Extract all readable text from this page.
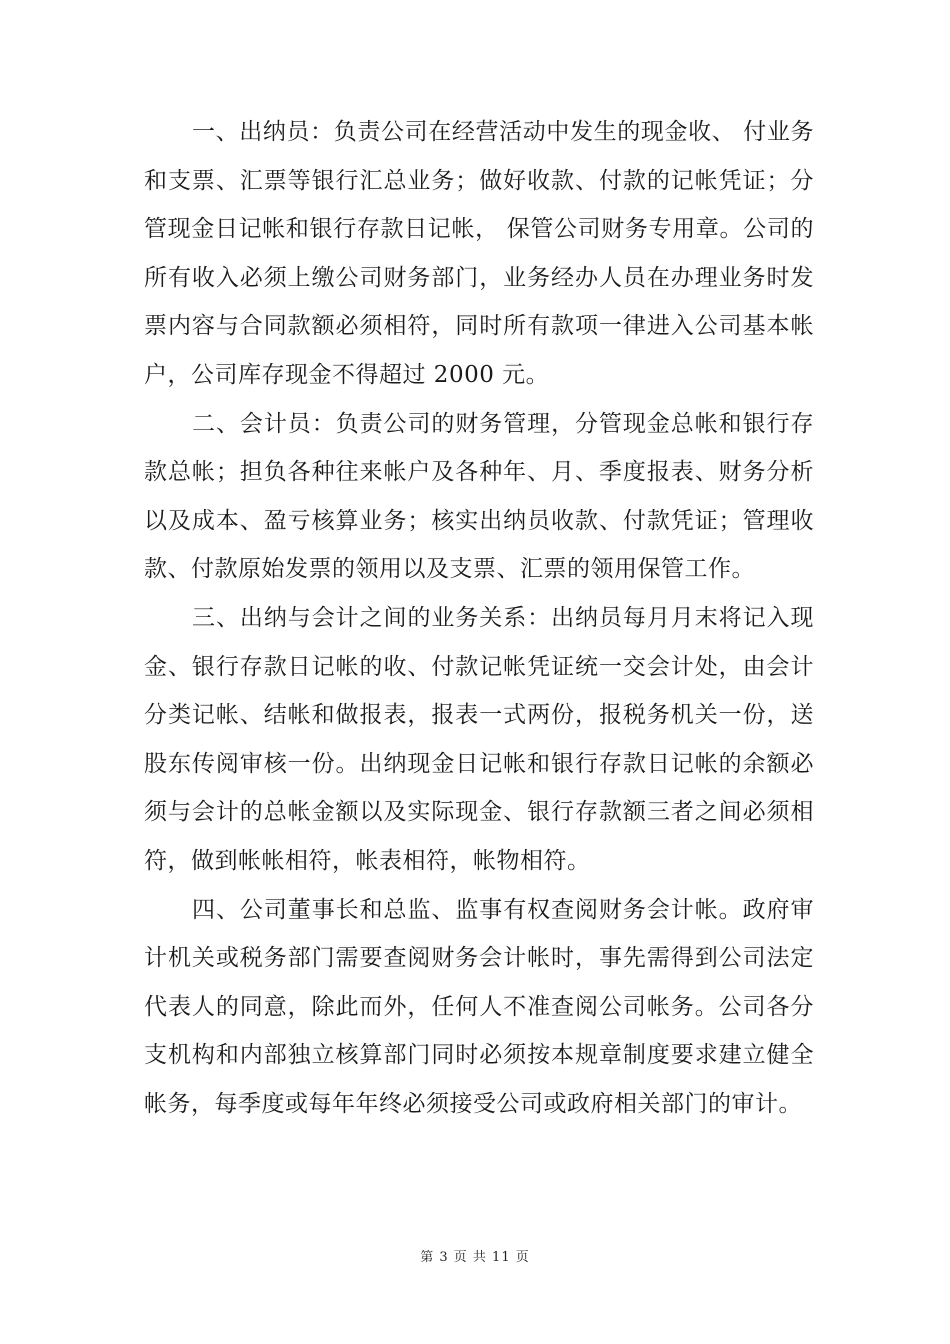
一、出纳员：负责公司在经营活动中发生的现金收、 付业务和支票、汇票等银行汇总业务；做好收款、付款的记帐凭证；分管现金日记帐和银行存款日记帐， 保管公司财务专用章。公司的所有收入必须上缴公司财务部门，业务经办人员在办理业务时发票内容与合同款额必须相符，同时所有款项一律进入公司基本帐户，公司库存现金不得超过 2000 元。

二、会计员：负责公司的财务管理，分管现金总帐和银行存款总帐；担负各种往来帐户及各种年、月、季度报表、财务分析以及成本、盈亏核算业务；核实出纳员收款、付款凭证；管理收款、付款原始发票的领用以及支票、汇票的领用保管工作。

三、出纳与会计之间的业务关系：出纳员每月月末将记入现金、银行存款日记帐的收、付款记帐凭证统一交会计处，由会计分类记帐、结帐和做报表，报表一式两份，报税务机关一份，送股东传阅审核一份。出纳现金日记帐和银行存款日记帐的余额必须与会计的总帐金额以及实际现金、银行存款额三者之间必须相符，做到帐帐相符，帐表相符，帐物相符。

四、公司董事长和总监、监事有权查阅财务会计帐。政府审计机关或税务部门需要查阅财务会计帐时，事先需得到公司法定代表人的同意，除此而外，任何人不准查阅公司帐务。公司各分支机构和内部独立核算部门同时必须按本规章制度要求建立健全帐务，每季度或每年年终必须接受公司或政府相关部门的审计。

第 3 页 共 11 页
